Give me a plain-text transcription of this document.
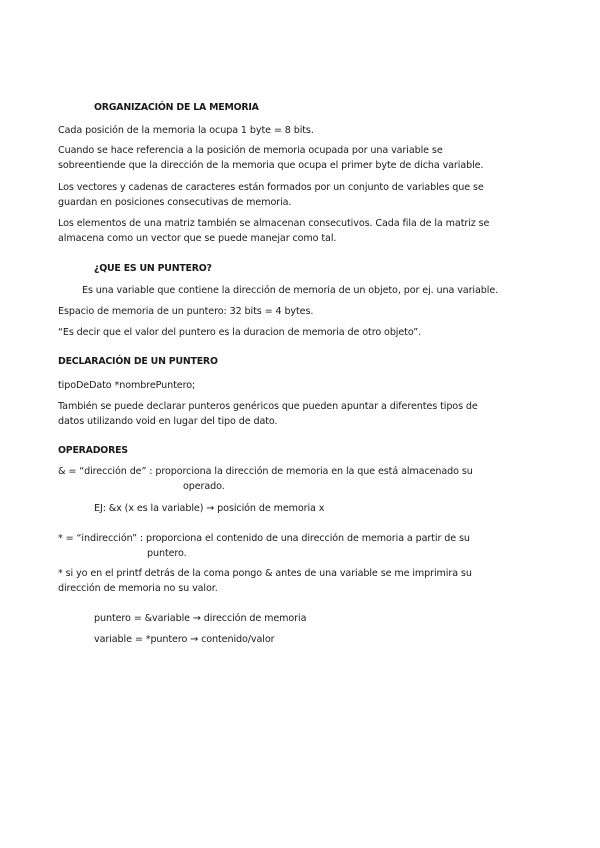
ORGANIZACIÓN DE LA MEMORIA
Cada posición de la memoria la ocupa 1 byte = 8 bits.
Cuando se hace referencia a la posición de memoria ocupada por una variable se
sobreentiende que la dirección de la memoria que ocupa el primer byte de dicha variable.
Los vectores y cadenas de caracteres están formados por un conjunto de variables que se
guardan en posiciones consecutivas de memoria.
Los elementos de una matriz también se almacenan consecutivos. Cada fila de la matriz se
almacena como un vector que se puede manejar como tal.
¿QUE ES UN PUNTERO?
Es una variable que contiene la dirección de memoria de un objeto, por ej. una variable.
Espacio de memoria de un puntero: 32 bits = 4 bytes.
“Es decir que el valor del puntero es la duracion de memoria de otro objeto”.
DECLARACIÓN DE UN PUNTERO
tipoDeDato *nombrePuntero;
También se puede declarar punteros genéricos que pueden apuntar a diferentes tipos de
datos utilizando void en lugar del tipo de dato.
OPERADORES
& = “dirección de” : proporciona la dirección de memoria en la que está almacenado su
operado.
EJ: &x (x es la variable) → posición de memoria x
* = “indirección” : proporciona el contenido de una dirección de memoria a partir de su
puntero.
* si yo en el printf detrás de la coma pongo & antes de una variable se me imprimira su
dirección de memoria no su valor.
puntero = &variable → dirección de memoria
variable = *puntero → contenido/valor
